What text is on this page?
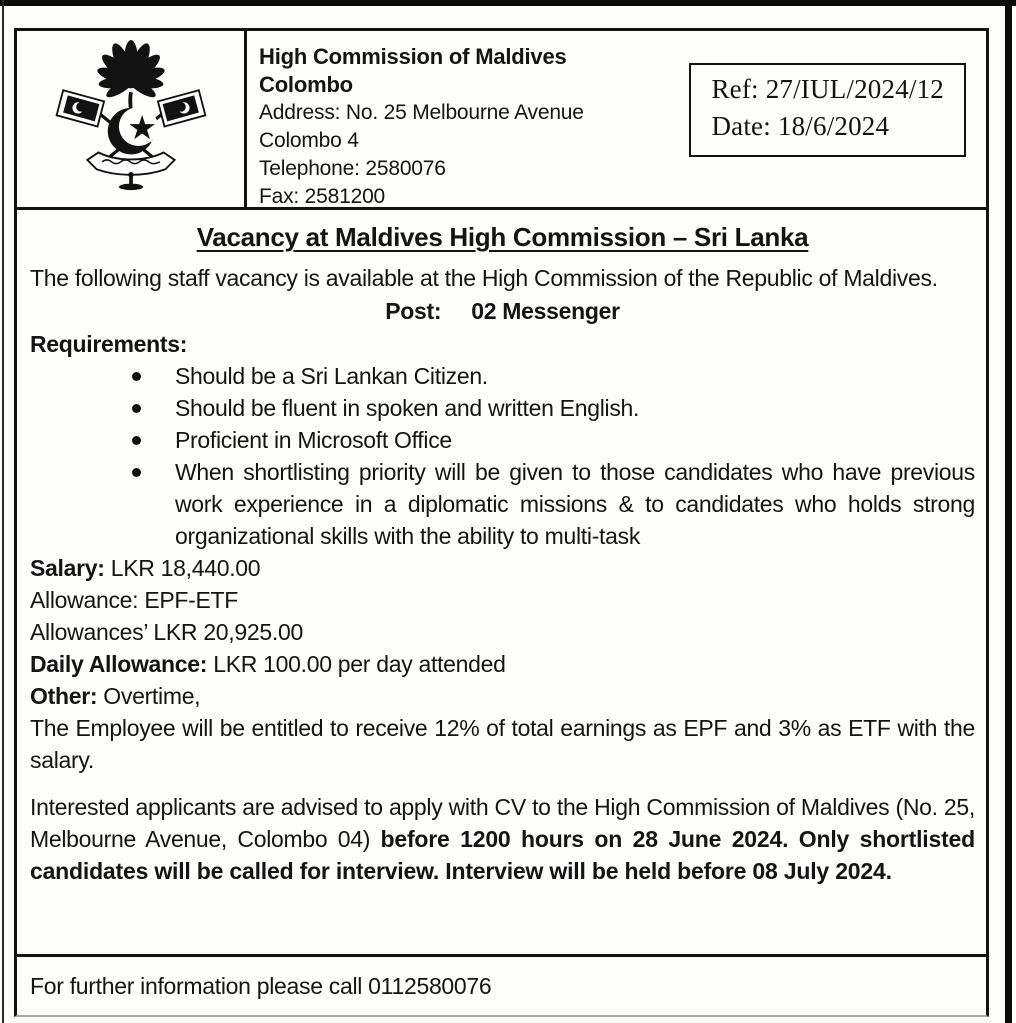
High Commission of Maldives
Colombo
Address: No. 25 Melbourne Avenue
Colombo 4
Telephone: 2580076
Fax: 2581200
Ref: 27/IUL/2024/12
Date: 18/6/2024
Vacancy at Maldives High Commission – Sri Lanka

The following staff vacancy is available at the High Commission of the Republic of Maldives.

Post: 02 Messenger

Requirements:
Should be a Sri Lankan Citizen.
Should be fluent in spoken and written English.
Proficient in Microsoft Office
When shortlisting priority will be given to those candidates who have previous work experience in a diplomatic missions & to candidates who holds strong organizational skills with the ability to multi-task

Salary: LKR 18,440.00

Allowance: EPF-ETF

Allowances’ LKR 20,925.00

Daily Allowance: LKR 100.00 per day attended

Other: Overtime,

The Employee will be entitled to receive 12% of total earnings as EPF and 3% as ETF with the salary.

Interested applicants are advised to apply with CV to the High Commission of Maldives (No. 25, Melbourne Avenue, Colombo 04) before 1200 hours on 28 June 2024. Only shortlisted candidates will be called for interview. Interview will be held before 08 July 2024.

For further information please call 0112580076
